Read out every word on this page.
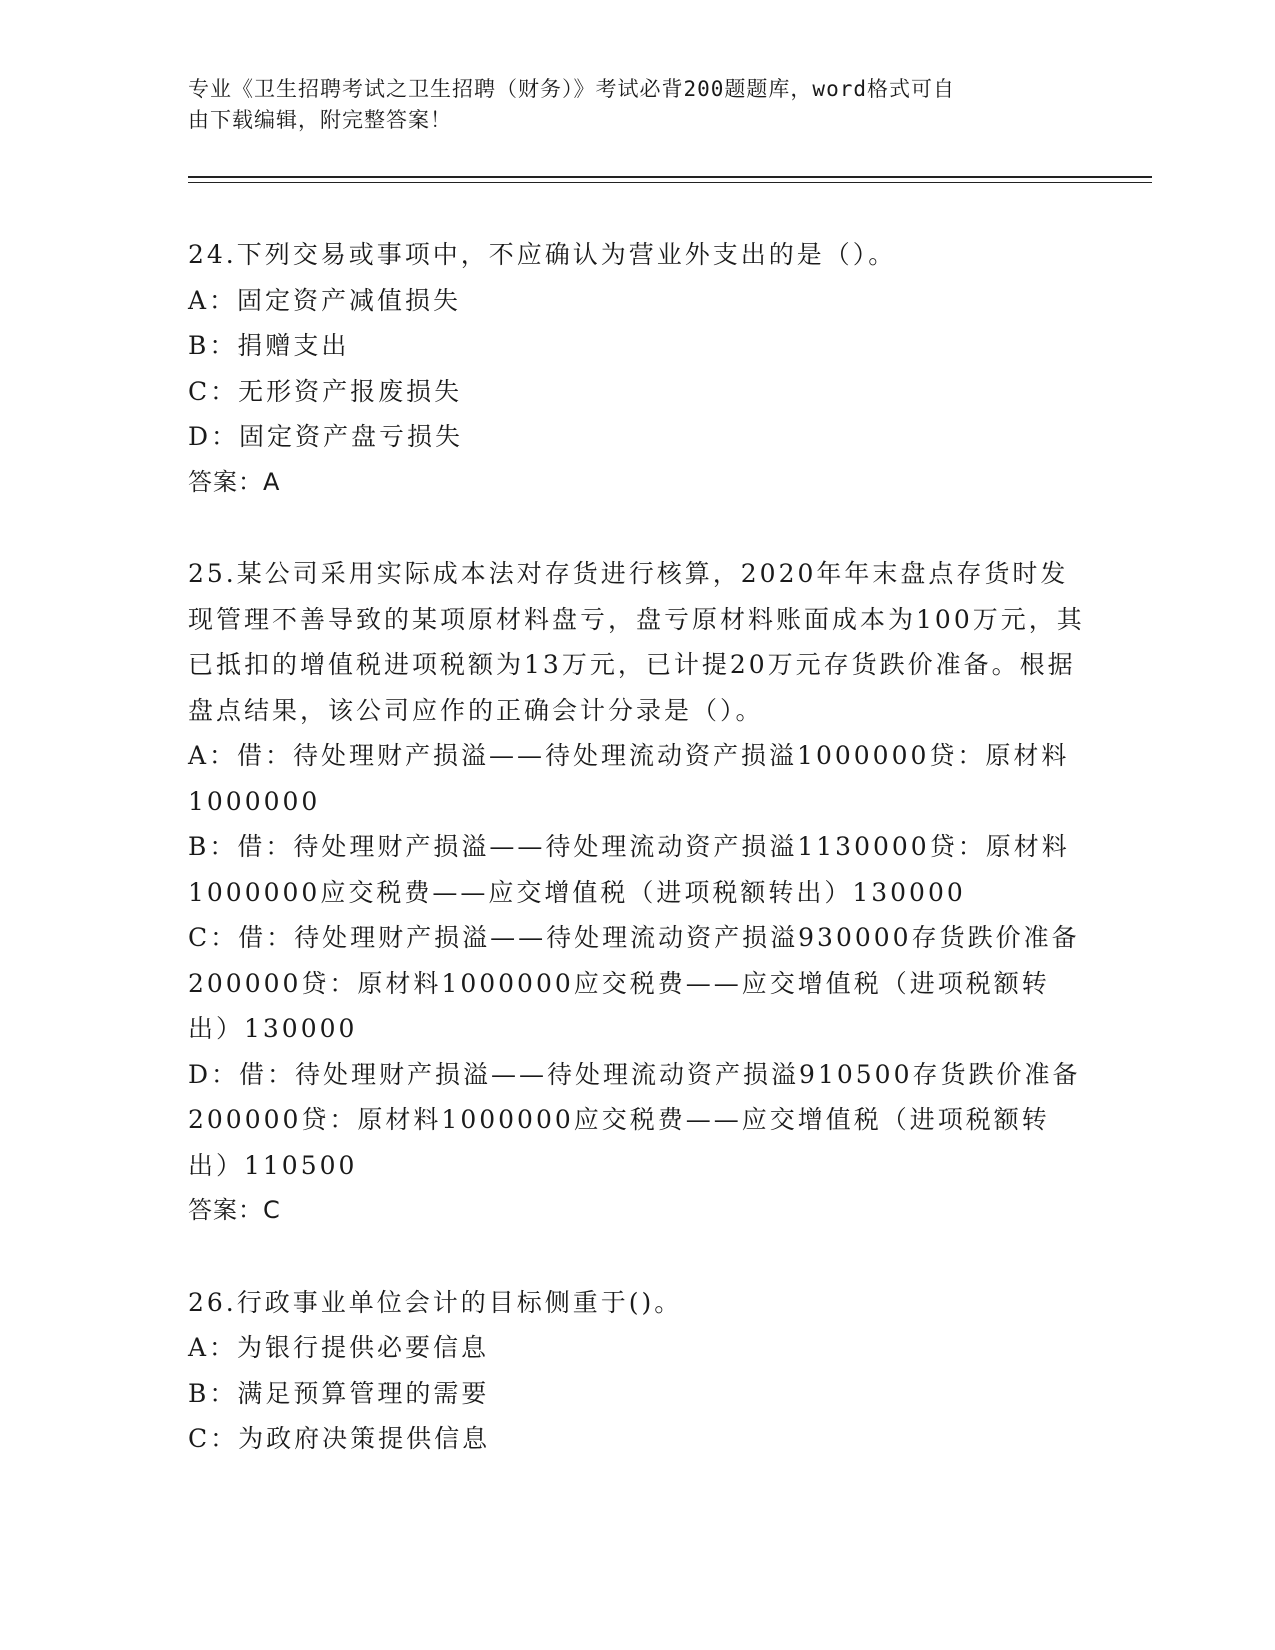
专业《卫生招聘考试之卫生招聘（财务）》考试必背200题题库，word格式可自
由下载编辑，附完整答案！
24.下列交易或事项中，不应确认为营业外支出的是（）。
A：固定资产减值损失
B：捐赠支出
C：无形资产报废损失
D：固定资产盘亏损失
答案：A
25.某公司采用实际成本法对存货进行核算，2020年年末盘点存货时发现管理不善导致的某项原材料盘亏，盘亏原材料账面成本为100万元，其已抵扣的增值税进项税额为13万元，已计提20万元存货跌价准备。根据盘点结果，该公司应作的正确会计分录是（）。
A：借：待处理财产损溢——待处理流动资产损溢1000000贷：原材料1000000
B：借：待处理财产损溢——待处理流动资产损溢1130000贷：原材料1000000应交税费——应交增值税（进项税额转出）130000
C：借：待处理财产损溢——待处理流动资产损溢930000存货跌价准备200000贷：原材料1000000应交税费——应交增值税（进项税额转出）130000
D：借：待处理财产损溢——待处理流动资产损溢910500存货跌价准备200000贷：原材料1000000应交税费——应交增值税（进项税额转出）110500
答案：C
26.行政事业单位会计的目标侧重于()。
A：为银行提供必要信息
B：满足预算管理的需要
C：为政府决策提供信息
